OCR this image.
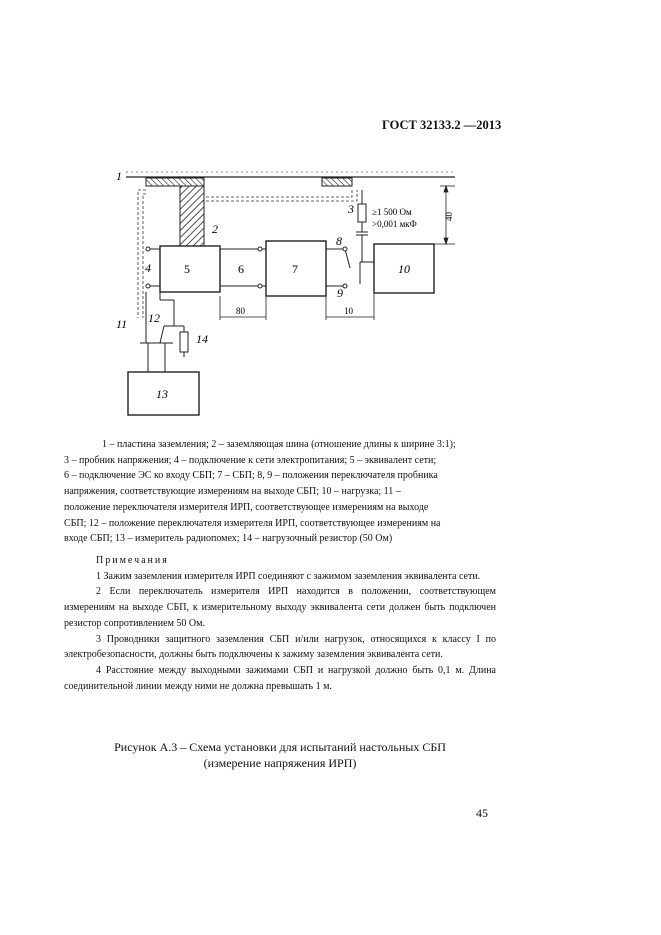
ГОСТ 32133.2 —2013
1
2
3 ≥1 500 Ом
>0,001 мкФ
40
4	5	6	7
8
9
10
80	10
11 12
14
13

1 – пластина заземления; 2 – заземляющая шина (отношение длины к ширине 3:1);

3 – пробник напряжения; 4 – подключение к сети электропитания; 5 – эквивалент сети;

6 – подключение ЭС ко входу СБП; 7 – СБП; 8, 9 – положения переключателя пробника

напряжения, соответствующие измерениям на выходе СБП; 10 – нагрузка; 11 –

положение переключателя измерителя ИРП, соответствующее измерениям на выходе

СБП; 12 – положение переключателя измерителя ИРП, соответствующее измерениям на

входе СБП; 13 – измеритель радиопомех; 14 – нагрузочный резистор (50 Ом)

Примечания

1 Зажим заземления измерителя ИРП соединяют с зажимом заземления эквивалента сети.

2 Если переключатель измерителя ИРП находится в положении, соответствующем измерениям на выходе СБП, к измерительному выходу эквивалента сети должен быть подключен резистор сопротивлением 50 Ом.

3 Проводники защитного заземления СБП и/или нагрузок, относящихся к классу I по электробезопасности, должны быть подключены к зажиму заземления эквивалента сети.

4 Расстояние между выходными зажимами СБП и нагрузкой должно быть 0,1 м. Длина соединительной линии между ними не должна превышать 1 м.

Рисунок А.3 – Схема установки для испытаний настольных СБП
(измерение напряжения ИРП)
45
